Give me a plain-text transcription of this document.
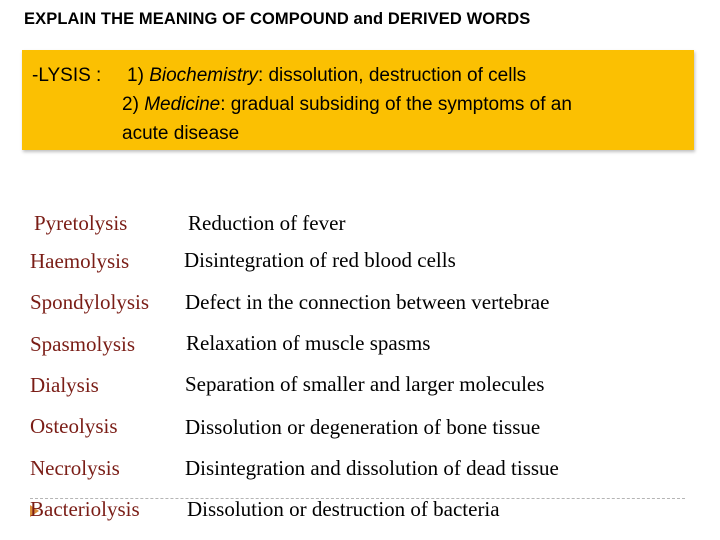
EXPLAIN THE MEANING OF COMPOUND and DERIVED WORDS
-LYSIS : 1) Biochemistry: dissolution, destruction of cells
2) Medicine: gradual subsiding of the symptoms of an
acute disease
Pyretolysis	Reduction of fever
Haemolysis	Disintegration of red blood cells
Spondylolysis Defect in the connection between vertebrae
Spasmolysis Relaxation of muscle spasms
Dialysis	Separation of smaller and larger molecules
Osteolysis	Dissolution or degeneration of bone tissue
Necrolysis	Disintegration and dissolution of dead tissue
Bacteriolysis Dissolution or destruction of bacteria
